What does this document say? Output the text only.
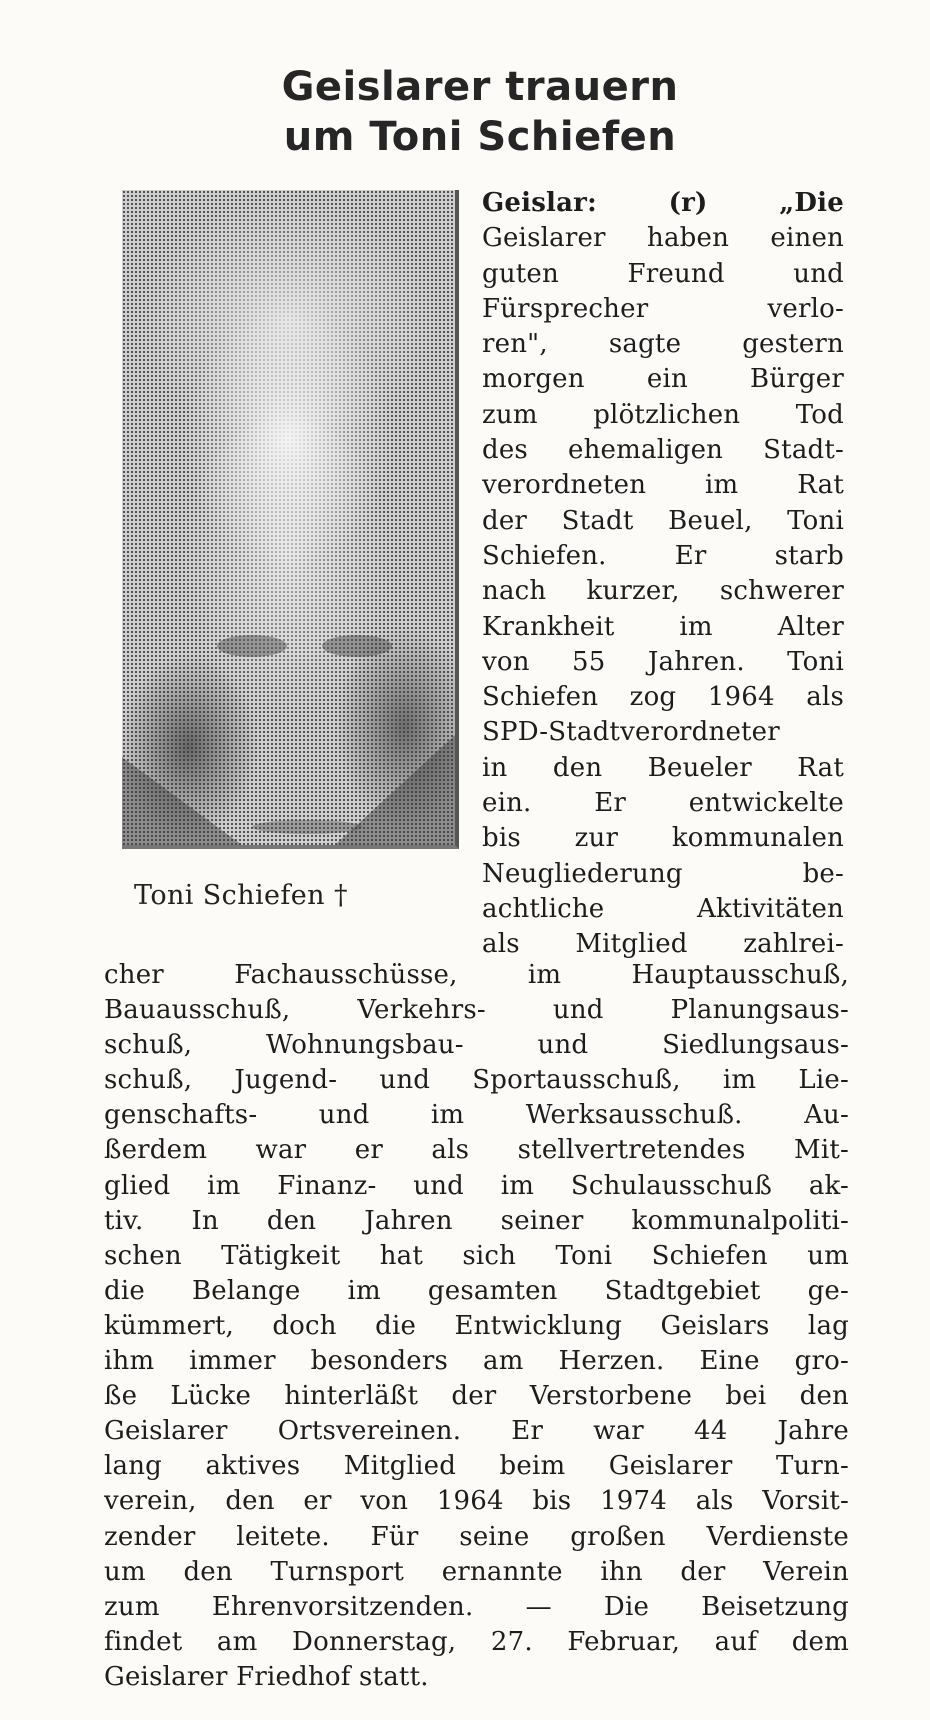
Geislarer trauern
um Toni Schiefen
Toni Schiefen †
Geislar: (r) „Die
Geislarer haben einen
guten Freund und
Fürsprecher verlo-
ren", sagte gestern
morgen ein Bürger
zum plötzlichen Tod
des ehemaligen Stadt-
verordneten im Rat
der Stadt Beuel, Toni
Schiefen. Er starb
nach kurzer, schwerer
Krankheit im Alter
von 55 Jahren. Toni
Schiefen zog 1964 als
SPD-Stadtverordneter
in den Beueler Rat
ein. Er entwickelte
bis zur kommunalen
Neugliederung be-
achtliche Aktivitäten
als Mitglied zahlrei-
cher Fachausschüsse, im Hauptausschuß,
Bauausschuß, Verkehrs- und Planungsaus-
schuß, Wohnungsbau- und Siedlungsaus-
schuß, Jugend- und Sportausschuß, im Lie-
genschafts- und im Werksausschuß. Au-
ßerdem war er als stellvertretendes Mit-
glied im Finanz- und im Schulausschuß ak-
tiv. In den Jahren seiner kommunalpoliti-
schen Tätigkeit hat sich Toni Schiefen um
die Belange im gesamten Stadtgebiet ge-
kümmert, doch die Entwicklung Geislars lag
ihm immer besonders am Herzen. Eine gro-
ße Lücke hinterläßt der Verstorbene bei den
Geislarer Ortsvereinen. Er war 44 Jahre
lang aktives Mitglied beim Geislarer Turn-
verein, den er von 1964 bis 1974 als Vorsit-
zender leitete. Für seine großen Verdienste
um den Turnsport ernannte ihn der Verein
zum Ehrenvorsitzenden. — Die Beisetzung
findet am Donnerstag, 27. Februar, auf dem
Geislarer Friedhof statt.
